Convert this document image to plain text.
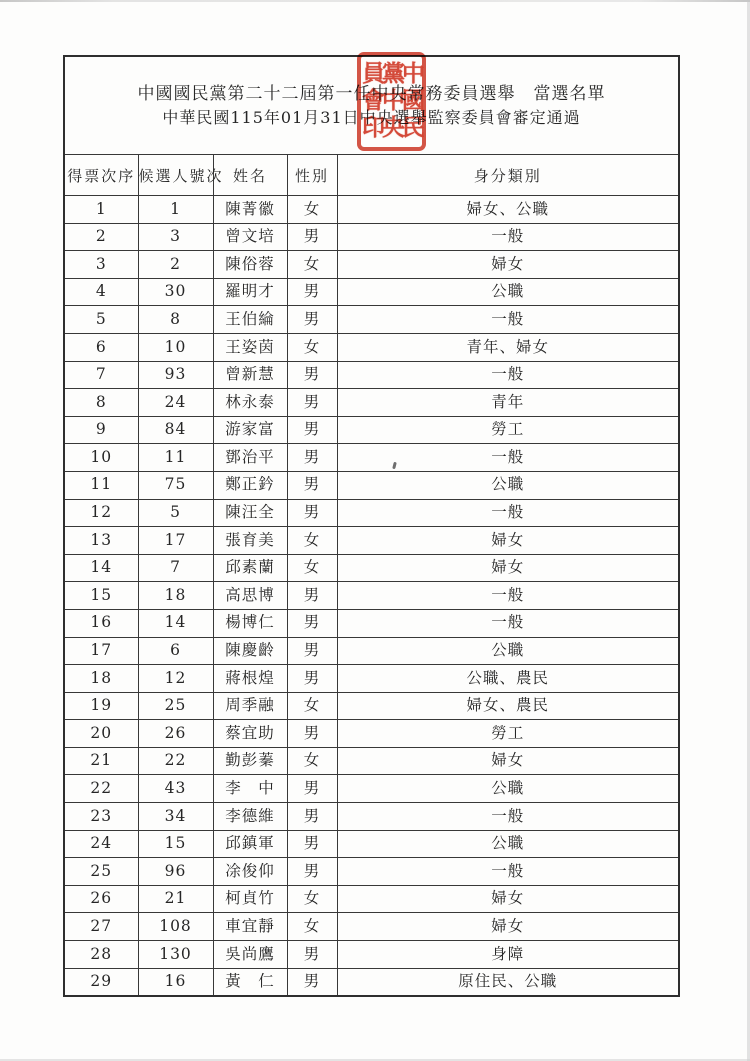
中國國民黨第二十二屆第一任中央常務委員選舉　當選名單
中華民國115年01月31日中央選舉監察委員會審定通過				

得票次序	候選人號次	姓名	性別	身分類別
1	1	陳菁徽	女	婦女、公職
2	3	曾文培	男	一般
3	2	陳俗蓉	女	婦女
4	30	羅明才	男	公職
5	8	王伯綸	男	一般
6	10	王姿茵	女	青年、婦女
7	93	曾新慧	男	一般
8	24	林永泰	男	青年
9	84	游家富	男	勞工
10	11	鄧治平	男	一般
11	75	鄭正鈐	男	公職
12	5	陳汪全	男	一般
13	17	張育美	女	婦女
14	7	邱素蘭	女	婦女
15	18	高思博	男	一般
16	14	楊博仁	男	一般
17	6	陳慶齡	男	公職
18	12	蔣根煌	男	公職、農民
19	25	周季融	女	婦女、農民
20	26	蔡宜助	男	勞工
21	22	勤彭蓁	女	婦女
22	43	李　中	男	公職
23	34	李德維	男	一般
24	15	邱鎮軍	男	公職
25	96	凃俊仰	男	一般
26	21	柯貞竹	女	婦女
27	108	車宜靜	女	婦女
28	130	吳尚鷹	男	身障
29	16	黃　仁	男	原住民、公職
中國民
黨中央
員會印
